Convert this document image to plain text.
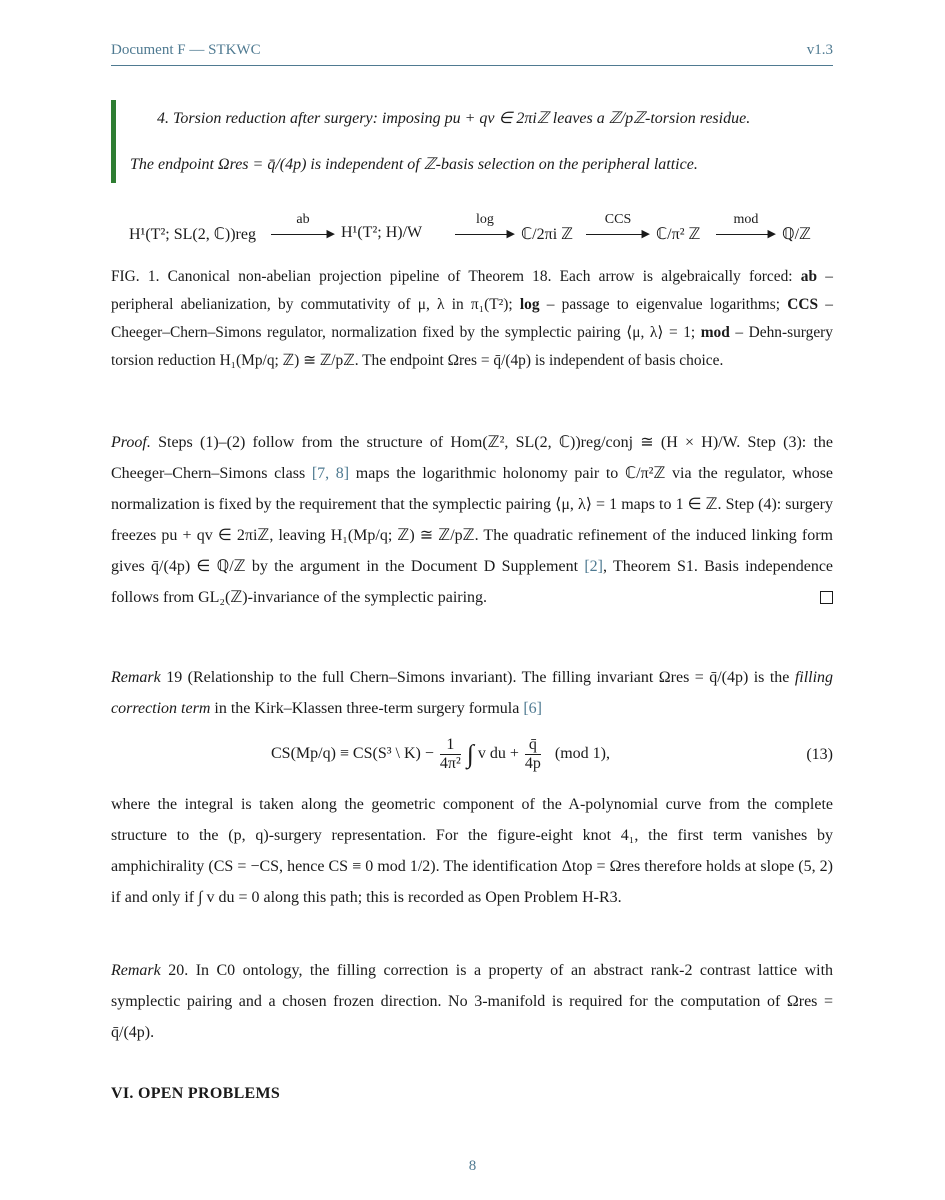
Document F — STKWC	v1.3
4. Torsion reduction after surgery: imposing pu + qv ∈ 2πiℤ leaves a ℤ/pℤ-torsion residue.
The endpoint Ωres = q̄/(4p) is independent of ℤ-basis selection on the peripheral lattice.
H¹(T²; SL(2, ℂ))reg
ab
▶ H¹(T²; H)/W
log
▶ ℂ/2πi ℤ
CCS
▶ ℂ/π² ℤ
mod
▶ ℚ/ℤ
FIG. 1. Canonical non-abelian projection pipeline of Theorem 18. Each arrow is algebraically forced: ab – peripheral abelianization, by commutativity of μ, λ in π₁(T²); log – passage to eigenvalue logarithms; CCS – Cheeger–Chern–Simons regulator, normalization fixed by the symplectic pairing ⟨μ, λ⟩ = 1; mod – Dehn-surgery torsion reduction H₁(Mp/q; ℤ) ≅ ℤ/pℤ. The endpoint Ωres = q̄/(4p) is independent of basis choice.
Proof. Steps (1)–(2) follow from the structure of Hom(ℤ², SL(2, ℂ))reg/conj ≅ (H × H)/W. Step (3): the Cheeger–Chern–Simons class [7, 8] maps the logarithmic holonomy pair to ℂ/π²ℤ via the regulator, whose normalization is fixed by the requirement that the symplectic pairing ⟨μ, λ⟩ = 1 maps to 1 ∈ ℤ. Step (4): surgery freezes pu + qv ∈ 2πiℤ, leaving H₁(Mp/q; ℤ) ≅ ℤ/pℤ. The quadratic refinement of the induced linking form gives q̄/(4p) ∈ ℚ/ℤ by the argument in the Document D Supplement [2], Theorem S1. Basis independence follows from GL₂(ℤ)-invariance of the symplectic pairing.
Remark 19 (Relationship to the full Chern–Simons invariant). The filling invariant Ωres = q̄/(4p) is the filling correction term in the Kirk–Klassen three-term surgery formula [6]
CS(Mp/q) ≡ CS(S³ \ $K) - \frac{1}{\text{4π²}}$ ∫ v du + $\frac{q̄}{4p} (mod$ 1),	(13)
where the integral is taken along the geometric component of the A-polynomial curve from the complete structure to the (p, q)-surgery representation. For the figure-eight knot 4₁, the first term vanishes by amphichirality (CS = −CS, hence CS ≡ 0 mod 1/2). The identification Δtop = Ωres therefore holds at slope (5, 2) if and only if ∫ v du = 0 along this path; this is recorded as Open Problem H-R3.
Remark 20. In C0 ontology, the filling correction is a property of an abstract rank-2 contrast lattice with symplectic pairing and a chosen frozen direction. No 3-manifold is required for the computation of Ωres = q̄/(4p).
VI. OPEN PROBLEMS
8
